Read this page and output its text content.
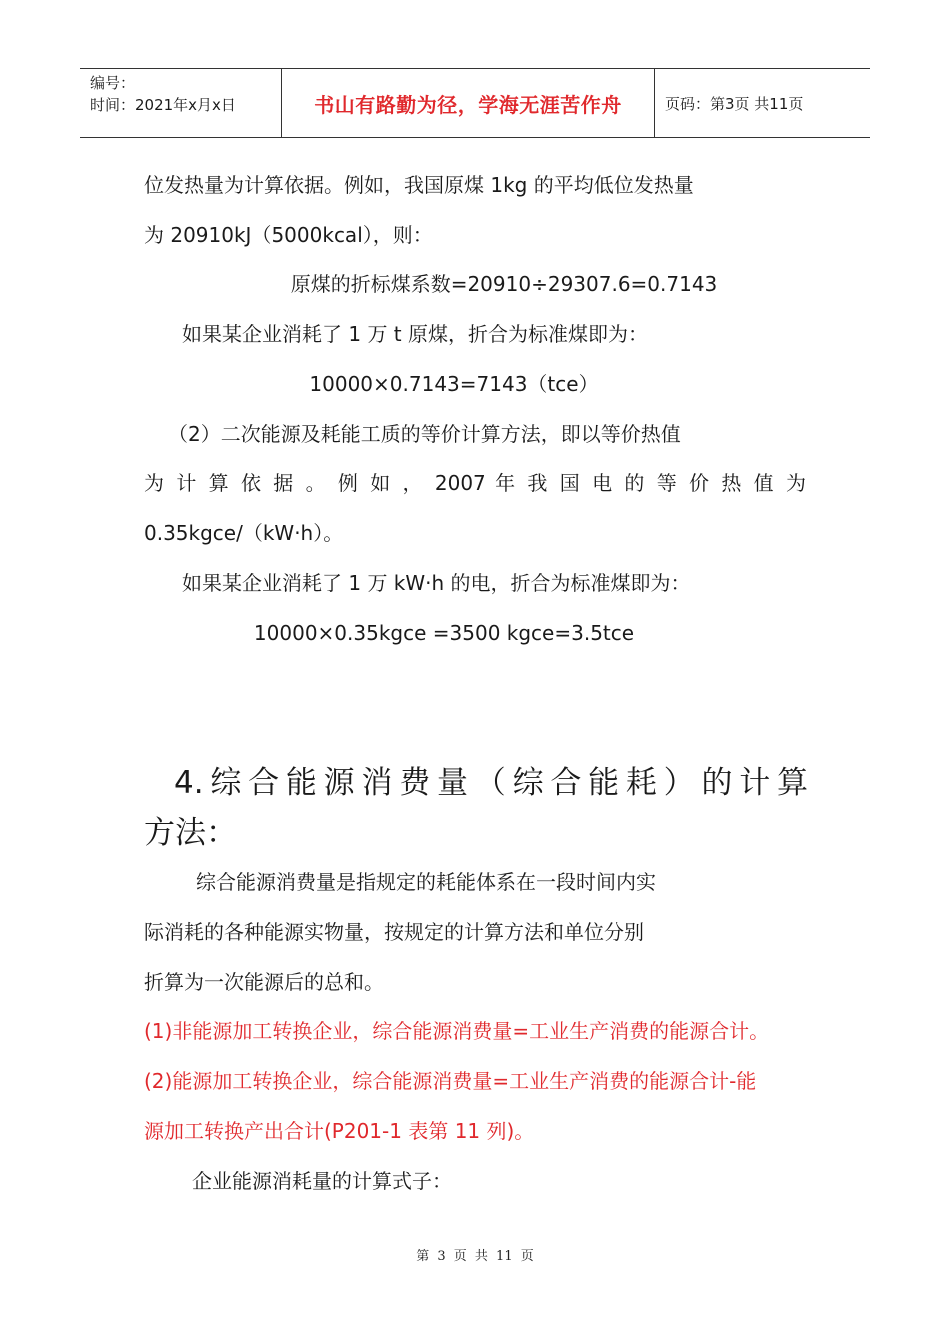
编号：
时间：2021年x月x日	书山有路勤为径，学海无涯苦作舟	页码：第3页 共11页
位发热量为计算依据。例如，我国原煤 1kg 的平均低位发热量
为 20910kJ（5000kcal），则：
原煤的折标煤系数=20910÷29307.6=0.7143
如果某企业消耗了 1 万 t 原煤，折合为标准煤即为：
10000×0.7143=7143（tce）
（2）二次能源及耗能工质的等价计算方法，即以等价热值
为 计 算 依 据 。 例 如 ， 2007 年 我 国 电 的 等 价 热 值 为
0.35kgce/（kW·h）。
如果某企业消耗了 1 万 kW·h 的电，折合为标准煤即为：
10000×0.35kgce =3500 kgce=3.5tce
4.综合能源消费量（综合能耗）的计算
方法：
综合能源消费量是指规定的耗能体系在一段时间内实
际消耗的各种能源实物量，按规定的计算方法和单位分别
折算为一次能源后的总和。
(1)非能源加工转换企业，综合能源消费量=工业生产消费的能源合计。
(2)能源加工转换企业，综合能源消费量=工业生产消费的能源合计-能
源加工转换产出合计(P201-1 表第 11 列)。
企业能源消耗量的计算式子：
第 3 页 共 11 页
